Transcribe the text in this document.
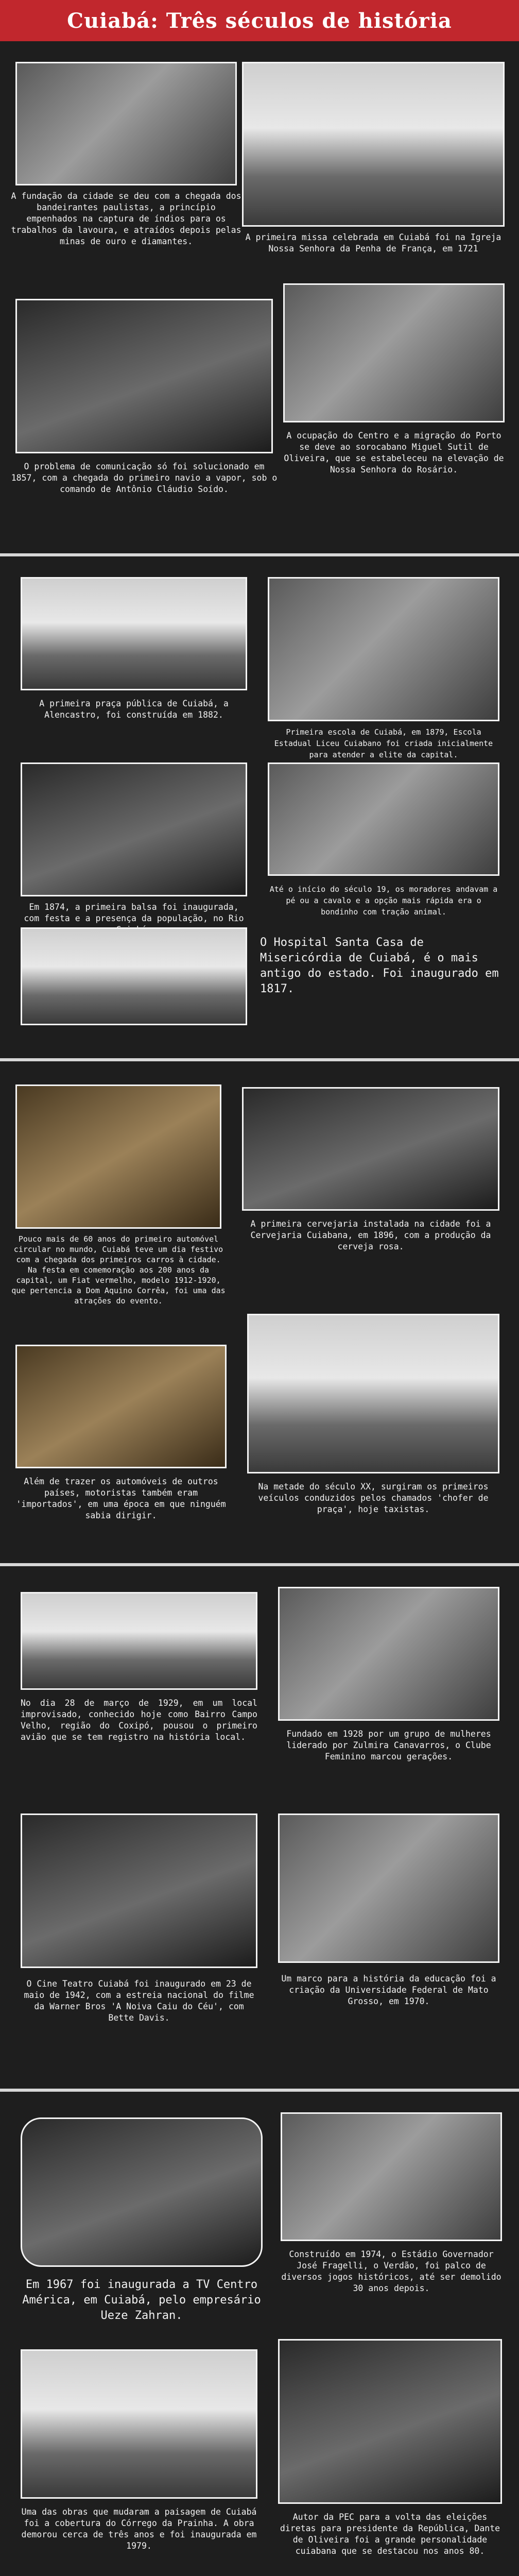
Cuiabá: Três séculos de história

A fundação da cidade se deu com a chegada dos bandeirantes paulistas, a princípio empenhados na captura de índios para os trabalhos da lavoura, e atraídos depois pelas minas de ouro e diamantes.	A primeira missa celebrada em Cuiabá foi na Igreja Nossa Senhora da Penha de França, em 1721

O problema de comunicação só foi solucionado em 1857, com a chegada do primeiro navio a vapor, sob o comando de Antônio Cláudio Soído.

A ocupação do Centro e a migração do Porto se deve ao sorocabano Miguel Sutil de Oliveira, que se estabeleceu na elevação de Nossa Senhora do Rosário.

A primeira praça pública de Cuiabá, a Alencastro, foi construída em 1882.

Primeira escola de Cuiabá, em 1879, Escola Estadual Liceu Cuiabano foi criada inicialmente para atender a elite da capital.

Em 1874, a primeira balsa foi inaugurada, com festa e a presença da população, no Rio

Até o início do século 19, os moradores andavam a pé ou a cavalo e a opção mais rápida era o bondinho com tração animal.

O Hospital Santa Casa de Misericórdia de Cuiabá, é o mais antigo do estado. Foi inaugurado em 1817.

Pouco mais de 60 anos do primeiro automóvel circular no mundo, Cuiabá teve um dia festivo com a chegada dos primeiros carros à cidade. Na festa em comemoração aos 200 anos da capital, um Fiat vermelho, modelo 1912-1920, que pertencia a Dom Aquino Corrêa, foi uma das atrações do evento.

A primeira cervejaria instalada na cidade foi a Cervejaria Cuiabana, em 1896, com a produção da cerveja rosa.

Além de trazer os automóveis de outros países, motoristas também eram 'importados', em uma época em que ninguém sabia dirigir.

Na metade do século XX, surgiram os primeiros veículos conduzidos pelos chamados 'chofer de praça', hoje taxistas.

No dia 28 de março de 1929, em um local improvisado, conhecido hoje como Bairro Campo Velho, região do Coxipó, pousou o primeiro avião que se tem registro na história local.	Fundado em 1928 por um grupo de mulheres liderado por Zulmira Canavarros, o Clube Feminino marcou gerações.

O Cine Teatro Cuiabá foi inaugurado em 23 de maio de 1942, com a estreia nacional do filme da Warner Bros 'A Noiva Caiu do Céu', com Bette Davis.

Um marco para a história da educação foi a criação da Universidade Federal de Mato Grosso, em 1970.

Em 1967 foi inaugurada a TV Centro América, em Cuiabá, pelo empresário Ueze Zahran.

Construído em 1974, o Estádio Governador José Fragelli, o Verdão, foi palco de diversos jogos históricos, até ser demolido 30 anos depois.

Uma das obras que mudaram a paisagem de Cuiabá foi a cobertura do Córrego da Prainha. A obra demorou cerca de três anos e foi inaugurada em 1979.

Autor da PEC para a volta das eleições diretas para presidente da República, Dante de Oliveira foi a grande personalidade cuiabana que se destacou nos anos 80.
